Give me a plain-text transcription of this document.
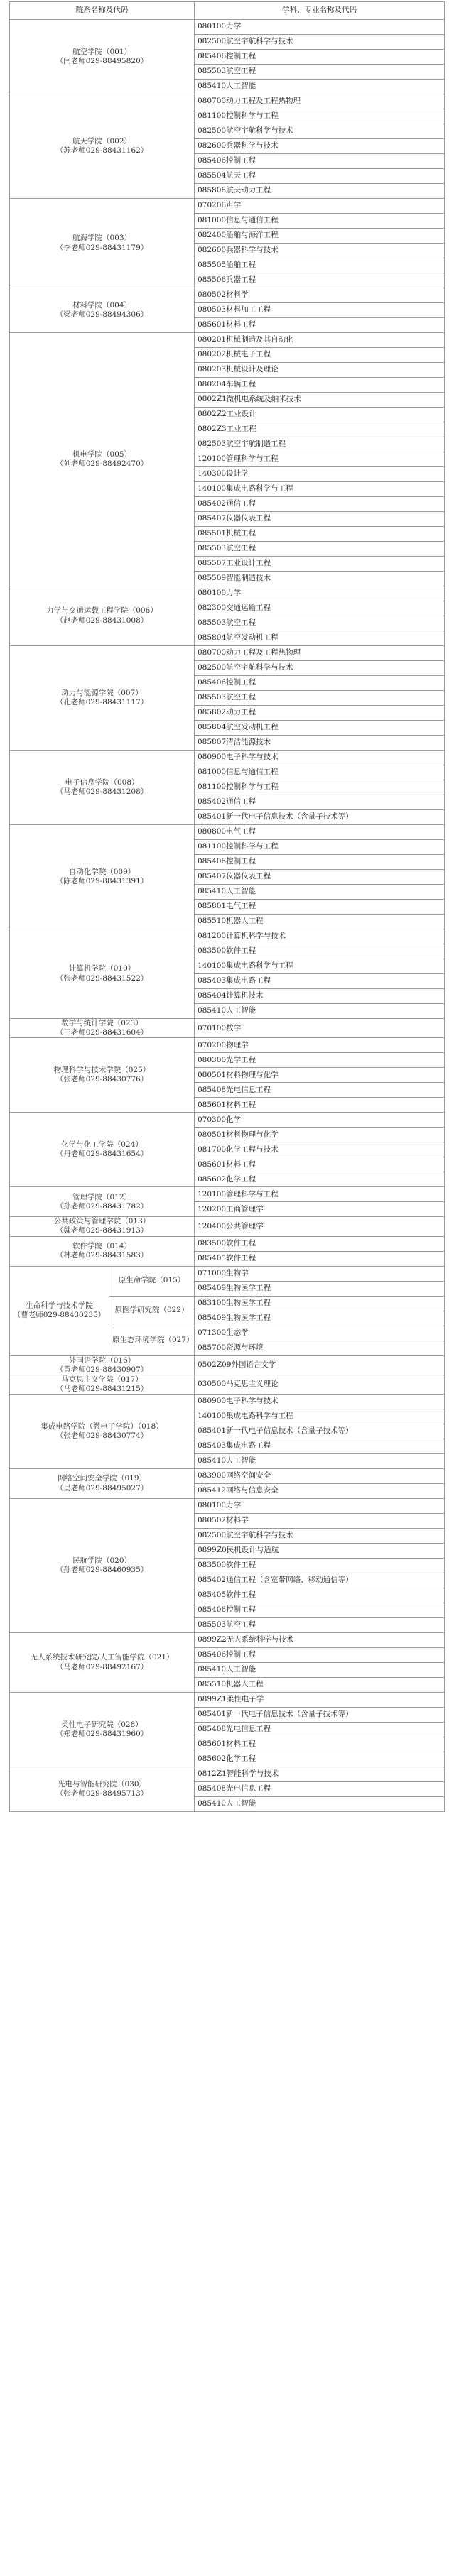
院系名称及代码		学科、专业名称及代码

航空学院（001）
（闫老师029-88495820）		080100力学
		082500航空宇航科学与技术
		085406控制工程
		085503航空工程
		085410人工智能

航天学院（002）
（苏老师029-88431162）		080700动力工程及工程热物理
		081100控制科学与工程
		082500航空宇航科学与技术
		082600兵器科学与技术
		085406控制工程
		085504航天工程
		085806航天动力工程

航海学院（003）
（李老师029-88431179）		070206声学
		081000信息与通信工程
		082400船舶与海洋工程
		082600兵器科学与技术
		085505船舶工程
		085506兵器工程

材料学院（004）
（梁老师029-88494306）		080502材料学
		080503材料加工工程
		085601材料工程

机电学院（005）
（刘老师029-88492470）		080201机械制造及其自动化
		080202机械电子工程
		080203机械设计及理论
		080204车辆工程
		0802Z1微机电系统及纳米技术
		0802Z2工业设计
		0802Z3工业工程
		082503航空宇航制造工程
		120100管理科学与工程
		140300设计学
		140100集成电路科学与工程
		085402通信工程
		085407仪器仪表工程
		085501机械工程
		085503航空工程
		085507工业设计工程
		085509智能制造技术

力学与交通运载工程学院（006）
（赵老师029-88431008）		080100力学
		082300交通运输工程
		085503航空工程
		085804航空发动机工程

动力与能源学院（007）
（孔老师029-88431117）		080700动力工程及工程热物理
		082500航空宇航科学与技术
		085406控制工程
		085503航空工程
		085802动力工程
		085804航空发动机工程
		085807清洁能源技术

电子信息学院（008）
（马老师029-88431208）		080900电子科学与技术
		081000信息与通信工程
		081100控制科学与工程
		085402通信工程
		085401新一代电子信息技术（含量子技术等）

自动化学院（009）
（陈老师029-88431391）		080800电气工程
		081100控制科学与工程
		085406控制工程
		085407仪器仪表工程
		085410人工智能
		085801电气工程
		085510机器人工程

计算机学院（010）
（张老师029-88431522）		081200计算机科学与技术
		083500软件工程
		140100集成电路科学与工程
		085403集成电路工程
		085404计算机技术
		085410人工智能

数学与统计学院（023）
（王老师029-88431604）		070100数学

物理科学与技术学院（025）
（张老师029-88430776）		070200物理学
		080300光学工程
		080501材料物理与化学
		085408光电信息工程
		085601材料工程

化学与化工学院（024）
（丹老师029-88431654）		070300化学
		080501材料物理与化学
		081700化学工程与技术
		085601材料工程
		085602化学工程

管理学院（012）
（孙老师029-88431782）		120100管理科学与工程
		120200工商管理学

公共政策与管理学院（013）
（魏老师029-88431913）		120400公共管理学

软件学院（014）
（林老师029-88431583）		083500软件工程
		085405软件工程

生命科学与技术学院
（曹老师029-88430235）	原生命学院（015）	071000生物学
		085409生物医学工程
	原医学研究院（022）	083100生物医学工程
		085409生物医学工程
	原生态环境学院（027）	071300生态学
		085700资源与环境

外国语学院（016）
（黄老师029-88430907）		0502Z09外国语言文学

马克思主义学院（017）
（马老师029-88431215）		030500马克思主义理论

集成电路学院（微电子学院）（018）
（张老师029-88430774）		080900电子科学与技术
		140100集成电路科学与工程
		085401新一代电子信息技术（含量子技术等）
		085403集成电路工程
		085410人工智能

网络空间安全学院（019）
（吴老师029-88495027）		083900网络空间安全
		085412网络与信息安全

民航学院（020）
（孙老师029-88460935）		080100力学
		080502材料学
		082500航空宇航科学与技术
		0899Z0民机设计与适航
		083500软件工程
		085402通信工程（含宽带网络、移动通信等）
		085405软件工程
		085406控制工程
		085503航空工程

无人系统技术研究院/人工智能学院（021）
（马老师029-88492167）		0899Z2无人系统科学与技术
		085406控制工程
		085410人工智能
		085510机器人工程

柔性电子研究院（028）
（郑老师029-88431960）		0899Z1柔性电子学
		085401新一代电子信息技术（含量子技术等）
		085408光电信息工程
		085601材料工程
		085602化学工程

光电与智能研究院（030）
（张老师029-88495713）		0812Z1智能科学与技术
		085408光电信息工程
		085410人工智能
